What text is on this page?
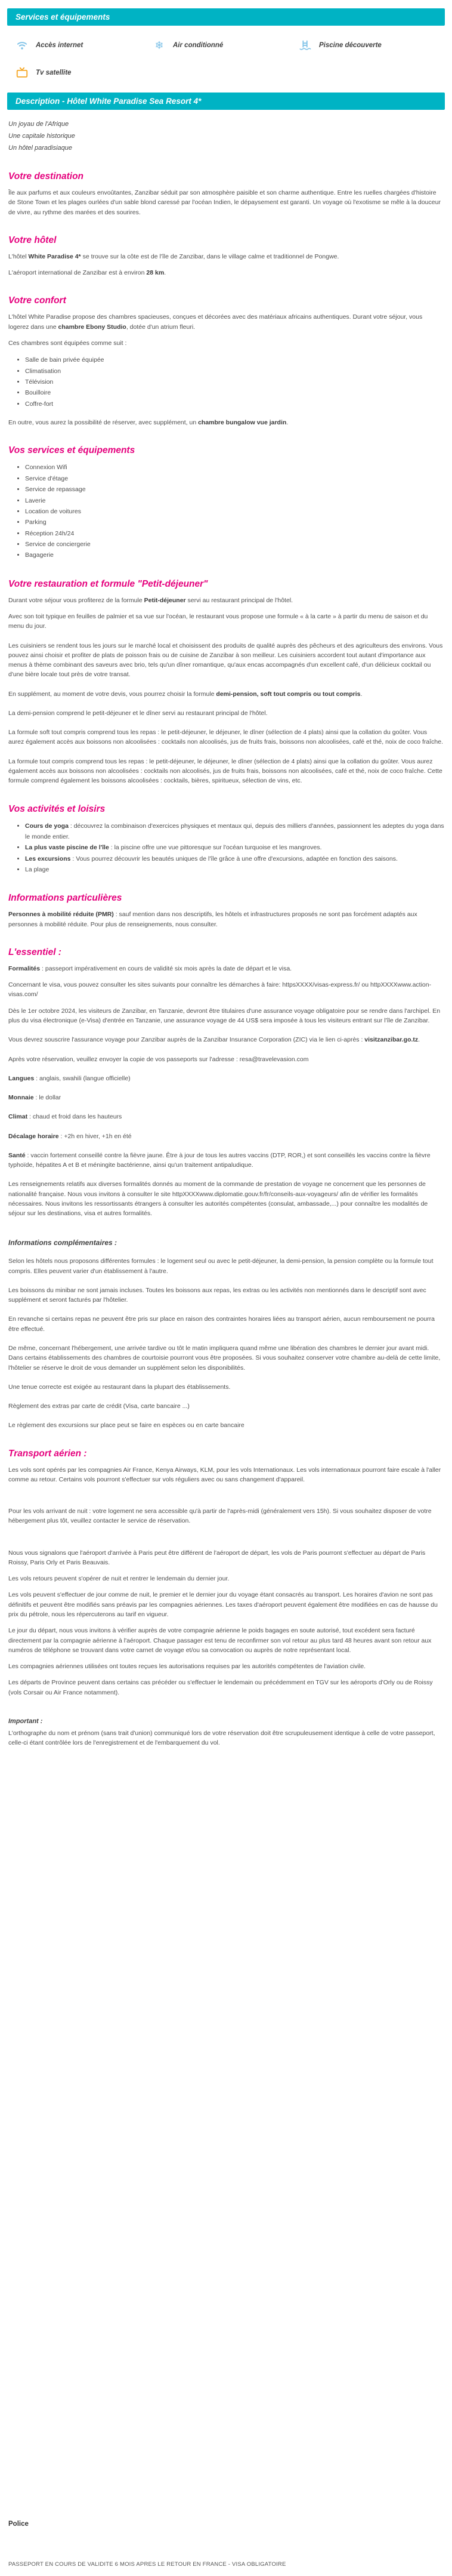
Services et équipements
Accès internet	❄	Air conditionné	Piscine découverte
Tv satellite
Description - Hôtel White Paradise Sea Resort 4*

Un joyau de l'Afrique

Une capitale historique

Un hôtel paradisiaque

Votre destination

Île aux parfums et aux couleurs envoûtantes, Zanzibar séduit par son atmosphère paisible et son charme authentique. Entre les ruelles chargées d'histoire de Stone Town et les plages ourlées d'un sable blond caressé par l'océan Indien, le dépaysement est garanti. Un voyage où l'exotisme se mêle à la douceur de vivre, au rythme des marées et des sourires.

Votre hôtel

L'hôtel White Paradise 4* se trouve sur la côte est de l'île de Zanzibar, dans le village calme et traditionnel de Pongwe.

L'aéroport international de Zanzibar est à environ 28 km.

Votre confort

L'hôtel White Paradise propose des chambres spacieuses, conçues et décorées avec des matériaux africains authentiques. Durant votre séjour, vous logerez dans une chambre Ebony Studio, dotée d'un atrium fleuri.

Ces chambres sont équipées comme suit :

• Salle de bain privée équipée
• Climatisation
• Télévision
• Bouilloire
• Coffre-fort

En outre, vous aurez la possibilité de réserver, avec supplément, un chambre bungalow vue jardin.

Vos services et équipements
• Connexion Wifi
• Service d'étage
• Service de repassage
• Laverie
• Location de voitures
• Parking
• Réception 24h/24
• Service de conciergerie
• Bagagerie
Votre restauration et formule "Petit-déjeuner"

Durant votre séjour vous profiterez de la formule Petit-déjeuner servi au restaurant principal de l'hôtel.

Avec son toit typique en feuilles de palmier et sa vue sur l'océan, le restaurant vous propose une formule « à la carte » à partir du menu de saison et du menu du jour.

Les cuisiniers se rendent tous les jours sur le marché local et choisissent des produits de qualité auprès des pêcheurs et des agriculteurs des environs. Vous pouvez ainsi choisir et profiter de plats de poisson frais ou de cuisine de Zanzibar à son meilleur. Les cuisiniers accordent tout autant d'importance aux menus à thème combinant des saveurs avec brio, tels qu'un dîner romantique, qu'aux encas accompagnés d'un excellent café, d'un délicieux cocktail ou d'une bière locale tout près de votre transat.

En supplément, au moment de votre devis, vous pourrez choisir la formule demi-pension, soft tout compris ou tout compris.

La demi-pension comprend le petit-déjeuner et le dîner servi au restaurant principal de l'hôtel.

La formule soft tout compris comprend tous les repas : le petit-déjeuner, le déjeuner, le dîner (sélection de 4 plats) ainsi que la collation du goûter. Vous aurez également accès aux boissons non alcoolisées : cocktails non alcoolisés, jus de fruits frais, boissons non alcoolisées, café et thé, noix de coco fraîche.

La formule tout compris comprend tous les repas : le petit-déjeuner, le déjeuner, le dîner (sélection de 4 plats) ainsi que la collation du goûter. Vous aurez également accès aux boissons non alcoolisées : cocktails non alcoolisés, jus de fruits frais, boissons non alcoolisées, café et thé, noix de coco fraîche. Cette formule comprend également les boissons alcoolisées : cocktails, bières, spiritueux, sélection de vins, etc.

Vos activités et loisirs
• Cours de yoga : découvrez la combinaison d'exercices physiques et mentaux qui, depuis des milliers d'années, passionnent les adeptes du yoga dans le monde entier.
• La plus vaste piscine de l'île : la piscine offre une vue pittoresque sur l'océan turquoise et les mangroves.
• Les excursions : Vous pourrez découvrir les beautés uniques de l'île grâce à une offre d'excursions, adaptée en fonction des saisons.
• La plage
Informations particulières

Personnes à mobilité réduite (PMR) : sauf mention dans nos descriptifs, les hôtels et infrastructures proposés ne sont pas forcément adaptés aux personnes à mobilité réduite. Pour plus de renseignements, nous consulter.

L'essentiel :

Formalités : passeport impérativement en cours de validité six mois après la date de départ et le visa.

Concernant le visa, vous pouvez consulter les sites suivants pour connaître les démarches à faire: httpsXXXX/visas-express.fr/ ou httpXXXXwww.action-visas.com/

Dès le 1er octobre 2024, les visiteurs de Zanzibar, en Tanzanie, devront être titulaires d'une assurance voyage obligatoire pour se rendre dans l'archipel. En plus du visa électronique (e-Visa) d'entrée en Tanzanie, une assurance voyage de 44 US$ sera imposée à tous les visiteurs entrant sur l'île de Zanzibar.

Vous devrez souscrire l'assurance voyage pour Zanzibar auprès de la Zanzibar Insurance Corporation (ZIC) via le lien ci-après : visitzanzibar.go.tz.

Après votre réservation, veuillez envoyer la copie de vos passeports sur l'adresse : resa@travelevasion.com

Langues : anglais, swahili (langue officielle)

Monnaie : le dollar

Climat : chaud et froid dans les hauteurs

Décalage horaire : +2h en hiver, +1h en été

Santé : vaccin fortement conseillé contre la fièvre jaune. Être à jour de tous les autres vaccins (DTP, ROR,) et sont conseillés les vaccins contre la fièvre typhoïde, hépatites A et B et méningite bactérienne, ainsi qu'un traitement antipaludique.

Les renseignements relatifs aux diverses formalités donnés au moment de la commande de prestation de voyage ne concernent que les personnes de nationalité française. Nous vous invitons à consulter le site httpXXXXwww.diplomatie.gouv.fr/fr/conseils-aux-voyageurs/ afin de vérifier les formalités nécessaires. Nous invitons les ressortissants étrangers à consulter les autorités compétentes (consulat, ambassade,...) pour connaître les modalités de séjour sur les destinations, visa et autres formalités.

Informations complémentaires :

Selon les hôtels nous proposons différentes formules : le logement seul ou avec le petit-déjeuner, la demi-pension, la pension complète ou la formule tout compris. Elles peuvent varier d'un établissement à l'autre.

Les boissons du minibar ne sont jamais incluses. Toutes les boissons aux repas, les extras ou les activités non mentionnés dans le descriptif sont avec supplément et seront facturés par l'hôtelier.

En revanche si certains repas ne peuvent être pris sur place en raison des contraintes horaires liées au transport aérien, aucun remboursement ne pourra être effectué.

De même, concernant l'hébergement, une arrivée tardive ou tôt le matin impliquera quand même une libération des chambres le dernier jour avant midi. Dans certains établissements des chambres de courtoisie pourront vous être proposées. Si vous souhaitez conserver votre chambre au-delà de cette limite, l'hôtelier se réserve le droit de vous demander un supplément selon les disponibilités.

Une tenue correcte est exigée au restaurant dans la plupart des établissements.

Règlement des extras par carte de crédit (Visa, carte bancaire ...)

Le règlement des excursions sur place peut se faire en espèces ou en carte bancaire

Transport aérien :

Les vols sont opérés par les compagnies Air France, Kenya Airways, KLM, pour les vols Internationaux. Les vols internationaux pourront faire escale à l'aller comme au retour. Certains vols pourront s'effectuer sur vols réguliers avec ou sans changement d'appareil.

Pour les vols arrivant de nuit : votre logement ne sera accessible qu'à partir de l'après-midi (généralement vers 15h). Si vous souhaitez disposer de votre hébergement plus tôt, veuillez contacter le service de réservation.

Nous vous signalons que l'aéroport d'arrivée à Paris peut être différent de l'aéroport de départ, les vols de Paris pourront s'effectuer au départ de Paris Roissy, Paris Orly et Paris Beauvais.

Les vols retours peuvent s'opérer de nuit et rentrer le lendemain du dernier jour.

Les vols peuvent s'effectuer de jour comme de nuit, le premier et le dernier jour du voyage étant consacrés au transport. Les horaires d'avion ne sont pas définitifs et peuvent être modifiés sans préavis par les compagnies aériennes. Les taxes d'aéroport peuvent également être modifiées en cas de hausse du prix du pétrole, nous les répercuterons au tarif en vigueur.

Le jour du départ, nous vous invitons à vérifier auprès de votre compagnie aérienne le poids bagages en soute autorisé, tout excédent sera facturé directement par la compagnie aérienne à l'aéroport. Chaque passager est tenu de reconfirmer son vol retour au plus tard 48 heures avant son retour aux numéros de téléphone se trouvant dans votre carnet de voyage et/ou sa convocation ou auprès de notre représentant local.

Les compagnies aériennes utilisées ont toutes reçues les autorisations requises par les autorités compétentes de l'aviation civile.

Les départs de Province peuvent dans certains cas précéder ou s'effectuer le lendemain ou précédemment en TGV sur les aéroports d'Orly ou de Roissy (vols Corsair ou Air France notamment).

Important :

L'orthographe du nom et prénom (sans trait d'union) communiqué lors de votre réservation doit être scrupuleusement identique à celle de votre passeport, celle-ci étant contrôlée lors de l'enregistrement et de l'embarquement du vol.

Police
PASSEPORT EN COURS DE VALIDITE 6 MOIS APRES LE RETOUR EN FRANCE - VISA OBLIGATOIRE
